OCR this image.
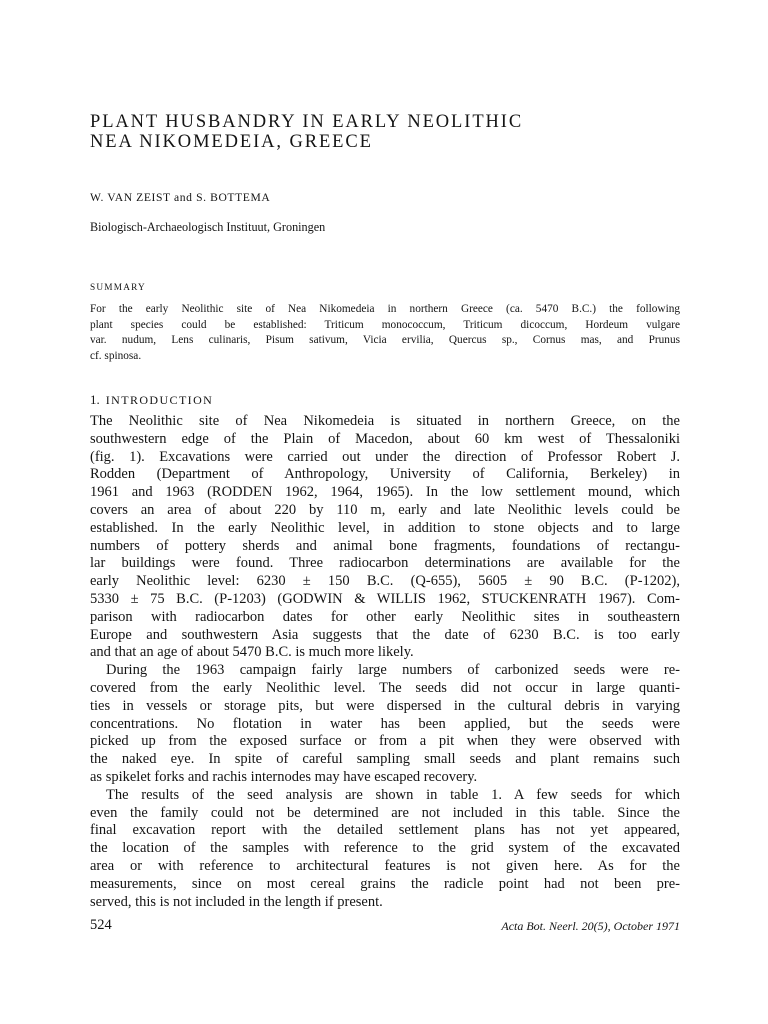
PLANT HUSBANDRY IN EARLY NEOLITHIC
NEA NIKOMEDEIA, GREECE
W. VAN ZEIST and S. BOTTEMA
Biologisch-Archaeologisch Instituut, Groningen
SUMMARY
For the early Neolithic site of Nea Nikomedeia in northern Greece (ca. 5470 B.C.) the following
plant species could be established: Triticum monococcum, Triticum dicoccum, Hordeum vulgare
var. nudum, Lens culinaris, Pisum sativum, Vicia ervilia, Quercus sp., Cornus mas, and Prunus
cf. spinosa.
1. INTRODUCTION
The Neolithic site of Nea Nikomedeia is situated in northern Greece, on the
southwestern edge of the Plain of Macedon, about 60 km west of Thessaloniki
(fig. 1). Excavations were carried out under the direction of Professor Robert J.
Rodden (Department of Anthropology, University of California, Berkeley) in
1961 and 1963 (RODDEN 1962, 1964, 1965). In the low settlement mound, which
covers an area of about 220 by 110 m, early and late Neolithic levels could be
established. In the early Neolithic level, in addition to stone objects and to large
numbers of pottery sherds and animal bone fragments, foundations of rectangu-
lar buildings were found. Three radiocarbon determinations are available for the
early Neolithic level: 6230 ± 150 B.C. (Q-655), 5605 ± 90 B.C. (P-1202),
5330 ± 75 B.C. (P-1203) (GODWIN & WILLIS 1962, STUCKENRATH 1967). Com-
parison with radiocarbon dates for other early Neolithic sites in southeastern
Europe and southwestern Asia suggests that the date of 6230 B.C. is too early
and that an age of about 5470 B.C. is much more likely.
During the 1963 campaign fairly large numbers of carbonized seeds were re-
covered from the early Neolithic level. The seeds did not occur in large quanti-
ties in vessels or storage pits, but were dispersed in the cultural debris in varying
concentrations. No flotation in water has been applied, but the seeds were
picked up from the exposed surface or from a pit when they were observed with
the naked eye. In spite of careful sampling small seeds and plant remains such
as spikelet forks and rachis internodes may have escaped recovery.
The results of the seed analysis are shown in table 1. A few seeds for which
even the family could not be determined are not included in this table. Since the
final excavation report with the detailed settlement plans has not yet appeared,
the location of the samples with reference to the grid system of the excavated
area or with reference to architectural features is not given here. As for the
measurements, since on most cereal grains the radicle point had not been pre-
served, this is not included in the length if present.
524	Acta Bot. Neerl. 20(5), October 1971
